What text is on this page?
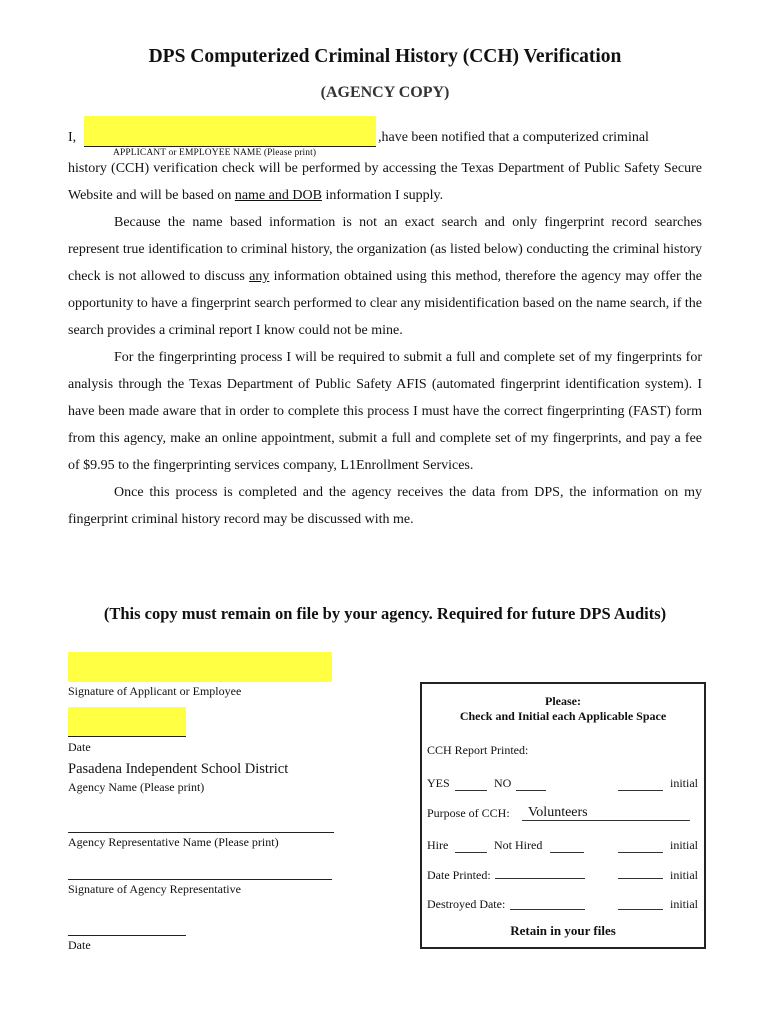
DPS Computerized Criminal History (CCH) Verification
(AGENCY COPY)
I,	,have been notified that a computerized criminal
APPLICANT or EMPLOYEE NAME (Please print)

history (CCH) verification check will be performed by accessing the Texas Department of Public Safety Secure Website and will be based on name and DOB information I supply.

Because the name based information is not an exact search and only fingerprint record searches represent true identification to criminal history, the organization (as listed below) conducting the criminal history check is not allowed to discuss any information obtained using this method, therefore the agency may offer the opportunity to have a fingerprint search performed to clear any misidentification based on the name search, if the search provides a criminal report I know could not be mine.

For the fingerprinting process I will be required to submit a full and complete set of my fingerprints for analysis through the Texas Department of Public Safety AFIS (automated fingerprint identification system). I have been made aware that in order to complete this process I must have the correct fingerprinting (FAST) form from this agency, make an online appointment, submit a full and complete set of my fingerprints, and pay a fee of $9.95 to the fingerprinting services company, L1Enrollment Services.

Once this process is completed and the agency receives the data from DPS, the information on my fingerprint criminal history record may be discussed with me.

(This copy must remain on file by your agency. Required for future DPS Audits)
Signature of Applicant or Employee
Date
Pasadena Independent School District
Agency Name (Please print)
Agency Representative Name (Please print)
Signature of Agency Representative
Date
Please:
Check and Initial each Applicable Space
CCH Report Printed:
YES	NO	initial
Purpose of CCH: Volunteers
Hire	Not Hired	initial
Date Printed:	initial
Destroyed Date:	initial
Retain in your files
